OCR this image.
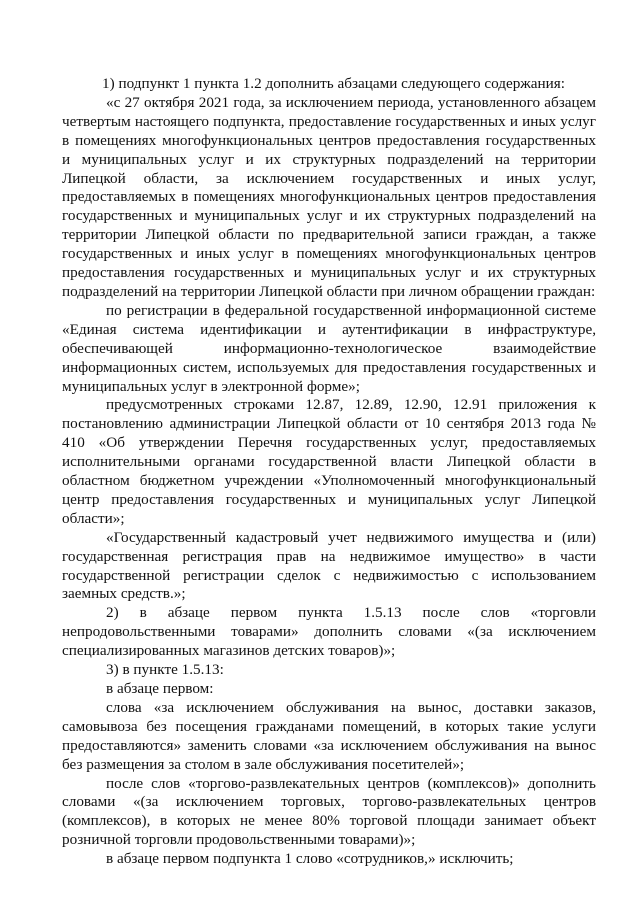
1) подпункт 1 пункта 1.2 дополнить абзацами следующего содержания:

«с 27 октября 2021 года, за исключением периода, установленного абзацем четвертым настоящего подпункта, предоставление государственных и иных услуг в помещениях многофункциональных центров предоставления государственных и муниципальных услуг и их структурных подразделений на территории Липецкой области, за исключением государственных и иных услуг, предоставляемых в помещениях многофункциональных центров предоставления государственных и муниципальных услуг и их структурных подразделений на территории Липецкой области по предварительной записи граждан, а также государственных и иных услуг в помещениях многофункциональных центров предоставления государственных и муниципальных услуг и их структурных подразделений на территории Липецкой области при личном обращении граждан:

по регистрации в федеральной государственной информационной системе «Единая система идентификации и аутентификации в инфраструктуре, обеспечивающей информационно-технологическое взаимодействие информационных систем, используемых для предоставления государственных и муниципальных услуг в электронной форме»;

предусмотренных строками 12.87, 12.89, 12.90, 12.91 приложения к постановлению администрации Липецкой области от 10 сентября 2013 года № 410 «Об утверждении Перечня государственных услуг, предоставляемых исполнительными органами государственной власти Липецкой области в областном бюджетном учреждении «Уполномоченный многофункциональный центр предоставления государственных и муниципальных услуг Липецкой области»;

«Государственный кадастровый учет недвижимого имущества и (или) государственная регистрация прав на недвижимое имущество» в части государственной регистрации сделок с недвижимостью с использованием заемных средств.»;

2) в абзаце первом пункта 1.5.13 после слов «торговли непродовольственными товарами» дополнить словами «(за исключением специализированных магазинов детских товаров)»;

3) в пункте 1.5.13:

в абзаце первом:

слова «за исключением обслуживания на вынос, доставки заказов, самовывоза без посещения гражданами помещений, в которых такие услуги предоставляются» заменить словами «за исключением обслуживания на вынос без размещения за столом в зале обслуживания посетителей»;

после слов «торгово-развлекательных центров (комплексов)» дополнить словами «(за исключением торговых, торгово-развлекательных центров (комплексов), в которых не менее 80% торговой площади занимает объект розничной торговли продовольственными товарами)»;

в абзаце первом подпункта 1 слово «сотрудников,» исключить;
